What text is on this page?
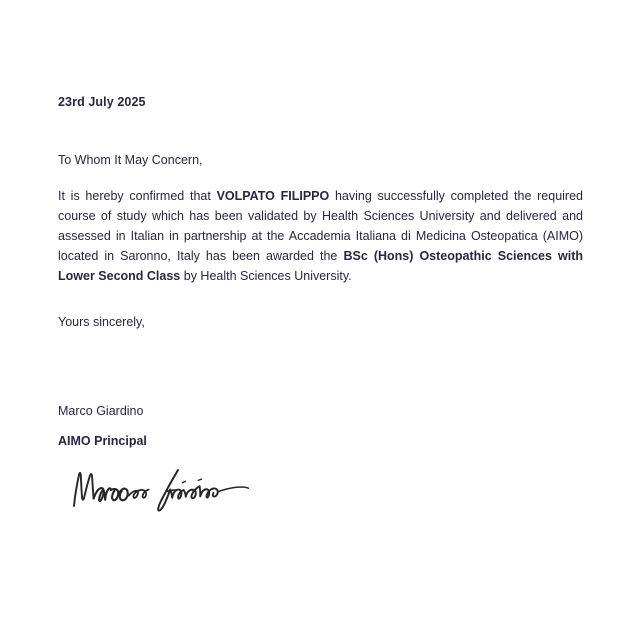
23rd July 2025
To Whom It May Concern,
It is hereby confirmed that VOLPATO FILIPPO having successfully completed the required course of study which has been validated by Health Sciences University and delivered and assessed in Italian in partnership at the Accademia Italiana di Medicina Osteopatica (AIMO) located in Saronno, Italy has been awarded the BSc (Hons) Osteopathic Sciences with Lower Second Class by Health Sciences University.
Yours sincerely,
Marco Giardino
AIMO Principal
